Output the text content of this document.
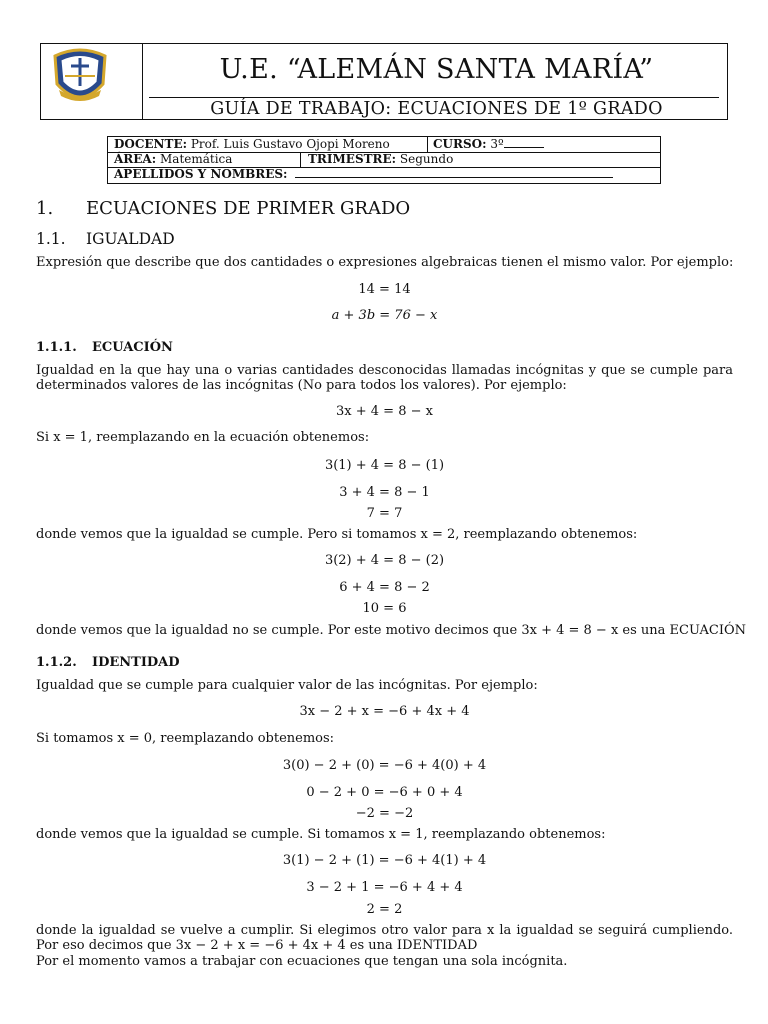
U.E. “ALEMÁN SANTA MARÍA”
GUÍA DE TRABAJO: ECUACIONES DE 1º GRADO
DOCENTE: Prof. Luis Gustavo Ojopi Moreno	CURSO: 3º
ÁREA: Matemática	TRIMESTRE: Segundo
APELLIDOS Y NOMBRES:
1. ECUACIONES DE PRIMER GRADO
1.1. IGUALDAD
Expresión que describe que dos cantidades o expresiones algebraicas tienen el mismo valor. Por ejemplo:
14 = 14
a + 3b = 76 − x
1.1.1. ECUACIÓN
Igualdad en la que hay una o varias cantidades desconocidas llamadas incógnitas y que se cumple para determinados valores de las incógnitas (No para todos los valores). Por ejemplo:
3x + 4 = 8 − x
Si x = 1, reemplazando en la ecuación obtenemos:
3(1) + 4 = 8 − (1)
3 + 4 = 8 − 1
7 = 7
donde vemos que la igualdad se cumple. Pero si tomamos x = 2, reemplazando obtenemos:
3(2) + 4 = 8 − (2)
6 + 4 = 8 − 2
10 = 6
donde vemos que la igualdad no se cumple. Por este motivo decimos que 3x + 4 = 8 − x es una ECUACIÓN
1.1.2. IDENTIDAD
Igualdad que se cumple para cualquier valor de las incógnitas. Por ejemplo:
3x − 2 + x = −6 + 4x + 4
Si tomamos x = 0, reemplazando obtenemos:
3(0) − 2 + (0) = −6 + 4(0) + 4
0 − 2 + 0 = −6 + 0 + 4
−2 = −2
donde vemos que la igualdad se cumple. Si tomamos x = 1, reemplazando obtenemos:
3(1) − 2 + (1) = −6 + 4(1) + 4
3 − 2 + 1 = −6 + 4 + 4
2 = 2
donde la igualdad se vuelve a cumplir. Si elegimos otro valor para x la igualdad se seguirá cumpliendo. Por eso decimos que 3x − 2 + x = −6 + 4x + 4 es una IDENTIDAD
Por el momento vamos a trabajar con ecuaciones que tengan una sola incógnita.
